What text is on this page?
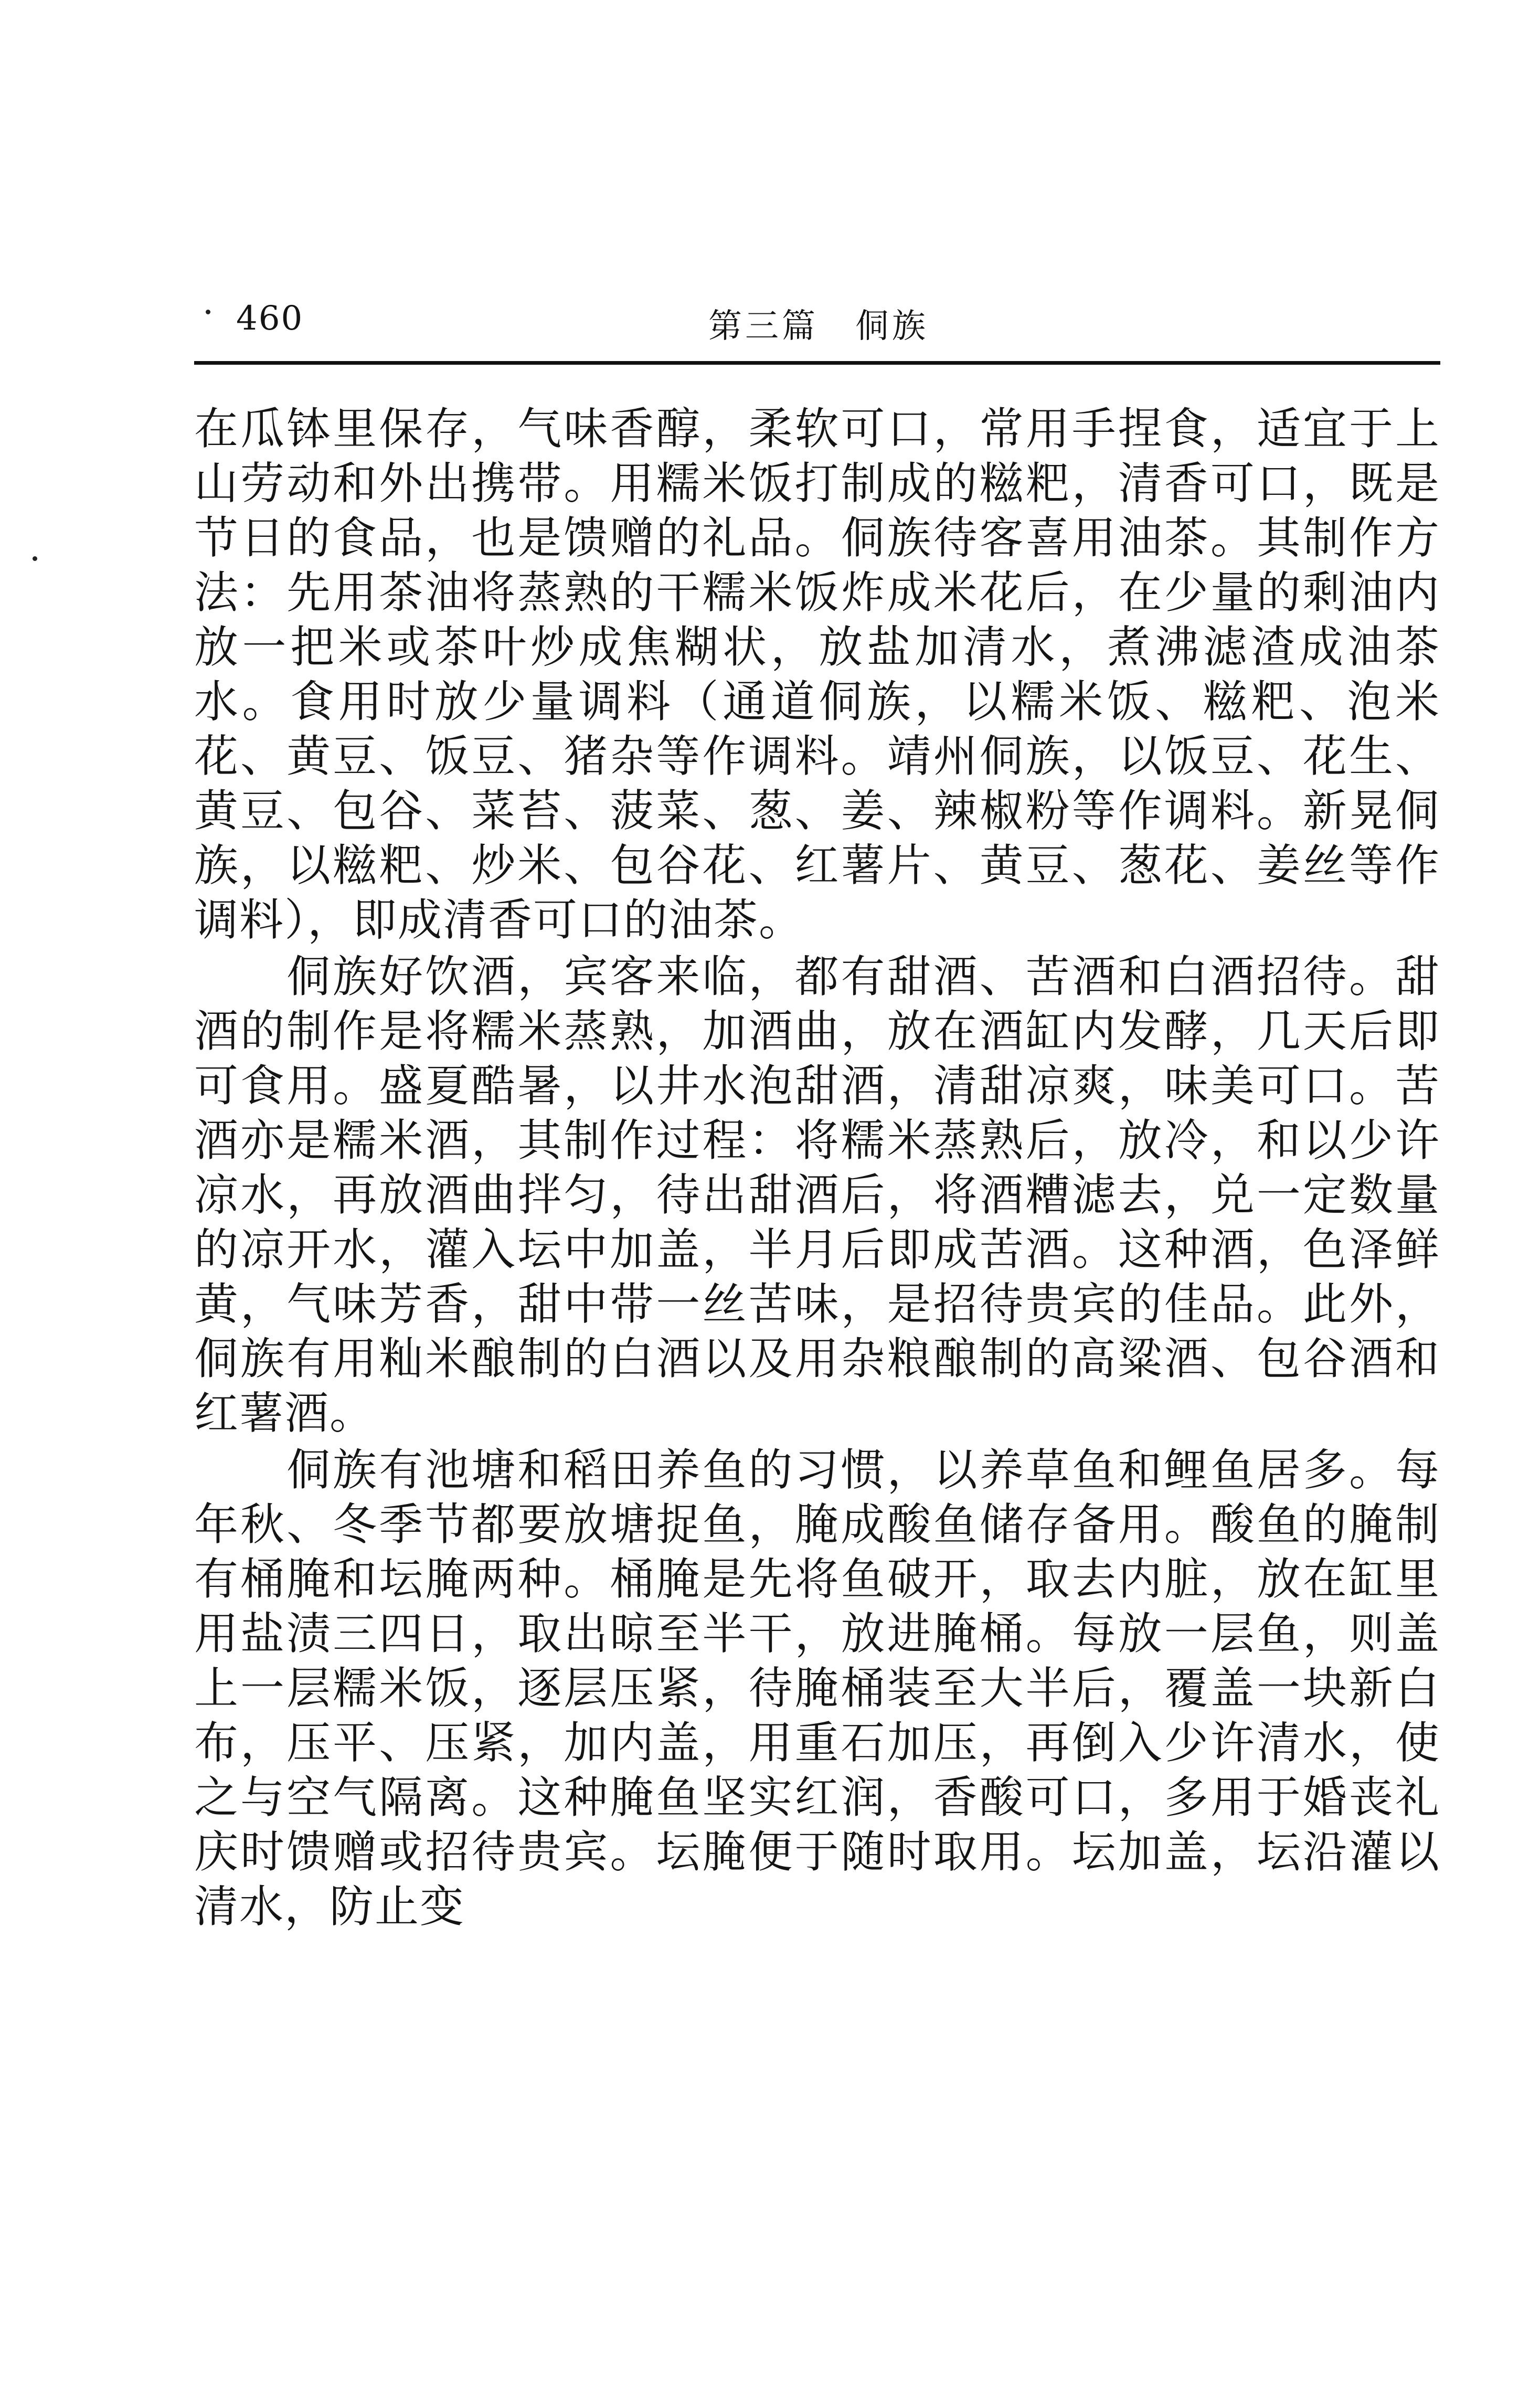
460	第三篇　侗族

在瓜钵里保存，气味香醇，柔软可口，常用手捏食，适宜于上山劳动和外出携带。用糯米饭打制成的糍粑，清香可口，既是节日的食品，也是馈赠的礼品。侗族待客喜用油茶。其制作方法：先用茶油将蒸熟的干糯米饭炸成米花后，在少量的剩油内放一把米或茶叶炒成焦糊状，放盐加清水，煮沸滤渣成油茶水。食用时放少量调料（通道侗族，以糯米饭、糍粑、泡米花、黄豆、饭豆、猪杂等作调料。靖州侗族，以饭豆、花生、黄豆、包谷、菜苔、菠菜、葱、姜、辣椒粉等作调料。新晃侗族，以糍粑、炒米、包谷花、红薯片、黄豆、葱花、姜丝等作调料），即成清香可口的油茶。

侗族好饮酒，宾客来临，都有甜酒、苦酒和白酒招待。甜酒的制作是将糯米蒸熟，加酒曲，放在酒缸内发酵，几天后即可食用。盛夏酷暑，以井水泡甜酒，清甜凉爽，味美可口。苦酒亦是糯米酒，其制作过程：将糯米蒸熟后，放冷，和以少许凉水，再放酒曲拌匀，待出甜酒后，将酒糟滤去，兑一定数量的凉开水，灌入坛中加盖，半月后即成苦酒。这种酒，色泽鲜黄，气味芳香，甜中带一丝苦味，是招待贵宾的佳品。此外，侗族有用籼米酿制的白酒以及用杂粮酿制的高粱酒、包谷酒和红薯酒。

侗族有池塘和稻田养鱼的习惯，以养草鱼和鲤鱼居多。每年秋、冬季节都要放塘捉鱼，腌成酸鱼储存备用。酸鱼的腌制有桶腌和坛腌两种。桶腌是先将鱼破开，取去内脏，放在缸里用盐渍三四日，取出晾至半干，放进腌桶。每放一层鱼，则盖上一层糯米饭，逐层压紧，待腌桶装至大半后，覆盖一块新白布，压平、压紧，加内盖，用重石加压，再倒入少许清水，使之与空气隔离。这种腌鱼坚实红润，香酸可口，多用于婚丧礼庆时馈赠或招待贵宾。坛腌便于随时取用。坛加盖，坛沿灌以清水，防止变
